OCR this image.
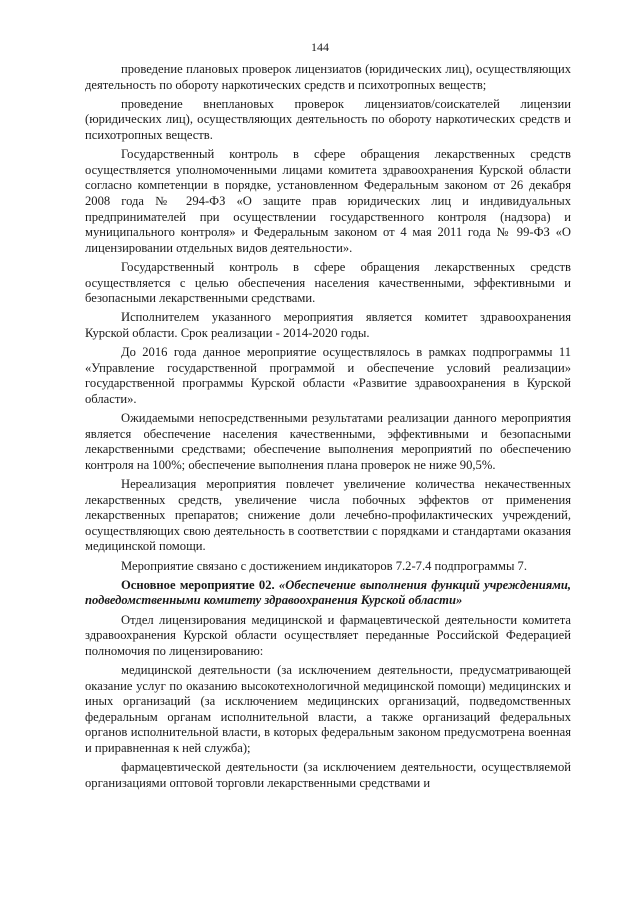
144

проведение плановых проверок лицензиатов (юридических лиц), осуществляющих деятельность по обороту наркотических средств и психотропных веществ;

проведение внеплановых проверок лицензиатов/соискателей лицензии (юридических лиц), осуществляющих деятельность по обороту наркотических средств и психотропных веществ.

Государственный контроль в сфере обращения лекарственных средств осуществляется уполномоченными лицами комитета здравоохранения Курской области согласно компетенции в порядке, установленном Федеральным законом от 26 декабря 2008 года № 294-ФЗ «О защите прав юридических лиц и индивидуальных предпринимателей при осуществлении государственного контроля (надзора) и муниципального контроля» и Федеральным законом от 4 мая 2011 года № 99-ФЗ «О лицензировании отдельных видов деятельности».

Государственный контроль в сфере обращения лекарственных средств осуществляется с целью обеспечения населения качественными, эффективными и безопасными лекарственными средствами.

Исполнителем указанного мероприятия является комитет здравоохранения Курской области. Срок реализации - 2014-2020 годы.

До 2016 года данное мероприятие осуществлялось в рамках подпрограммы 11 «Управление государственной программой и обеспечение условий реализации» государственной программы Курской области «Развитие здравоохранения в Курской области».

Ожидаемыми непосредственными результатами реализации данного мероприятия является обеспечение населения качественными, эффективными и безопасными лекарственными средствами; обеспечение выполнения мероприятий по обеспечению контроля на 100%; обеспечение выполнения плана проверок не ниже 90,5%.

Нереализация мероприятия повлечет увеличение количества некачественных лекарственных средств, увеличение числа побочных эффектов от применения лекарственных препаратов; снижение доли лечебно-профилактических учреждений, осуществляющих свою деятельность в соответствии с порядками и стандартами оказания медицинской помощи.

Мероприятие связано с достижением индикаторов 7.2-7.4 подпрограммы 7.

Основное мероприятие 02. «Обеспечение выполнения функций учреждениями, подведомственными комитету здравоохранения Курской области»

Отдел лицензирования медицинской и фармацевтической деятельности комитета здравоохранения Курской области осуществляет переданные Российской Федерацией полномочия по лицензированию:

медицинской деятельности (за исключением деятельности, предусматривающей оказание услуг по оказанию высокотехнологичной медицинской помощи) медицинских и иных организаций (за исключением медицинских организаций, подведомственных федеральным органам исполнительной власти, а также организаций федеральных органов исполнительной власти, в которых федеральным законом предусмотрена военная и приравненная к ней служба);

фармацевтической деятельности (за исключением деятельности, осуществляемой организациями оптовой торговли лекарственными средствами и
